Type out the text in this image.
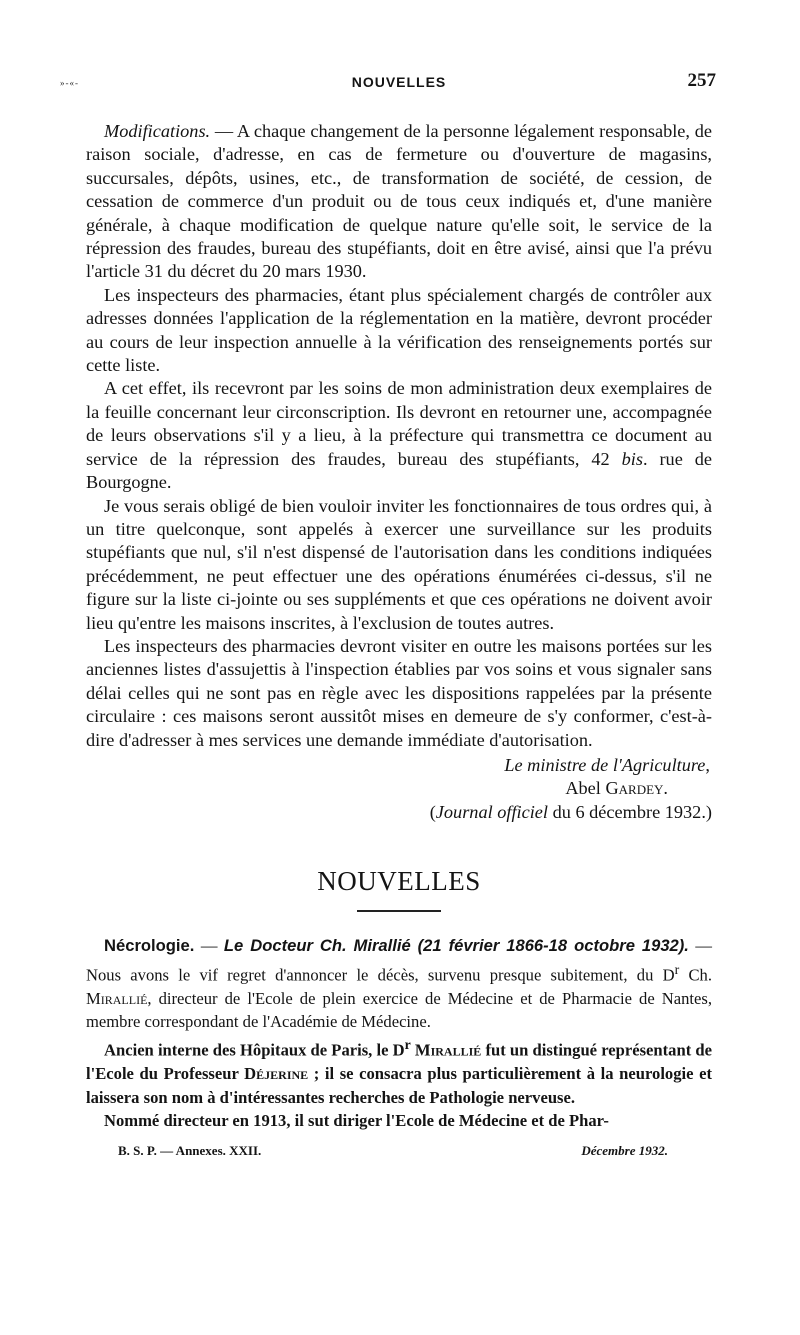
»-«-	NOUVELLES	257

Modifications. — A chaque changement de la personne légalement responsable, de raison sociale, d'adresse, en cas de fermeture ou d'ouverture de magasins, succursales, dépôts, usines, etc., de transformation de société, de cession, de cessation de commerce d'un produit ou de tous ceux indiqués et, d'une manière générale, à chaque modification de quelque nature qu'elle soit, le service de la répression des fraudes, bureau des stupéfiants, doit en être avisé, ainsi que l'a prévu l'article 31 du décret du 20 mars 1930.

Les inspecteurs des pharmacies, étant plus spécialement chargés de contrôler aux adresses données l'application de la réglementation en la matière, devront procéder au cours de leur inspection annuelle à la vérification des renseignements portés sur cette liste.

A cet effet, ils recevront par les soins de mon administration deux exemplaires de la feuille concernant leur circonscription. Ils devront en retourner une, accompagnée de leurs observations s'il y a lieu, à la préfecture qui transmettra ce document au service de la répression des fraudes, bureau des stupéfiants, 42 bis. rue de Bourgogne.

Je vous serais obligé de bien vouloir inviter les fonctionnaires de tous ordres qui, à un titre quelconque, sont appelés à exercer une surveillance sur les produits stupéfiants que nul, s'il n'est dispensé de l'autorisation dans les conditions indiquées précédemment, ne peut effectuer une des opérations énumérées ci-dessus, s'il ne figure sur la liste ci-jointe ou ses suppléments et que ces opérations ne doivent avoir lieu qu'entre les maisons inscrites, à l'exclusion de toutes autres.

Les inspecteurs des pharmacies devront visiter en outre les maisons portées sur les anciennes listes d'assujettis à l'inspection établies par vos soins et vous signaler sans délai celles qui ne sont pas en règle avec les dispositions rappelées par la présente circulaire : ces maisons seront aussitôt mises en demeure de s'y conformer, c'est-à-dire d'adresser à mes services une demande immédiate d'autorisation.

Le ministre de l'Agriculture,
Abel Gardey.
(Journal officiel du 6 décembre 1932.)
NOUVELLES

Nécrologie. — Le Docteur Ch. Mirallié (21 février 1866-18 octobre 1932). — Nous avons le vif regret d'annoncer le décès, survenu presque subitement, du $D^r$ Ch. Mirallié, directeur de l'Ecole de plein exercice de Médecine et de Pharmacie de Nantes, membre correspondant de l'Académie de Médecine.

Ancien interne des Hôpitaux de Paris, le $D^r$ Mirallié fut un distingué représentant de l'Ecole du Professeur Déjerine ; il se consacra plus particulièrement à la neurologie et laissera son nom à d'intéressantes recherches de Pathologie nerveuse.

Nommé directeur en 1913, il sut diriger l'Ecole de Médecine et de Phar-

B. S. P. — Annexes. XXII.	Décembre 1932.
